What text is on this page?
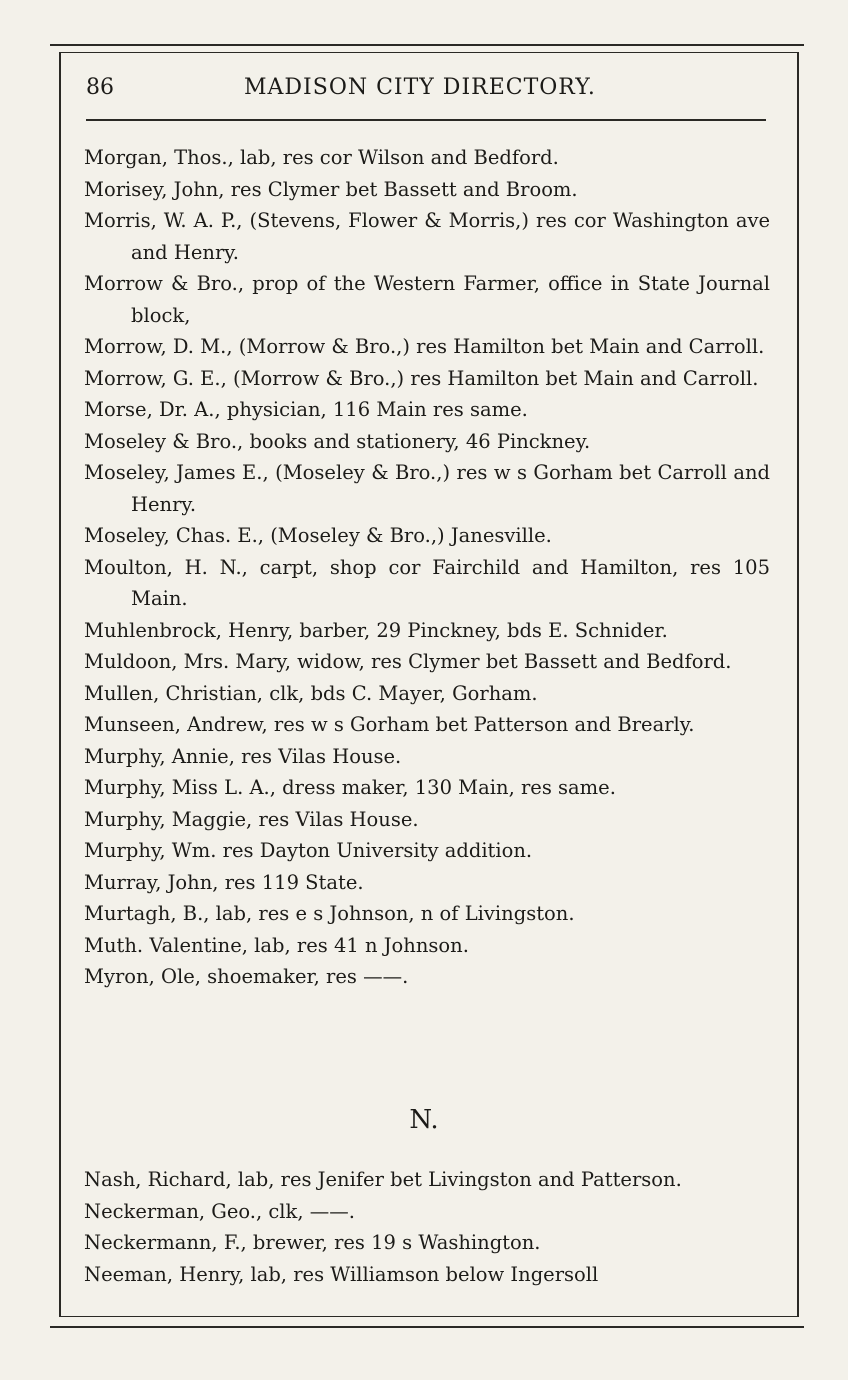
86	MADISON CITY DIRECTORY.

Morgan, Thos., lab, res cor Wilson and Bedford.

Morisey, John, res Clymer bet Bassett and Broom.

Morris, W. A. P., (Stevens, Flower & Morris,) res cor Washington ave and Henry.

Morrow & Bro., prop of the Western Farmer, office in State Journal block,

Morrow, D. M., (Morrow & Bro.,) res Hamilton bet Main and Carroll.

Morrow, G. E., (Morrow & Bro.,) res Hamilton bet Main and Carroll.

Morse, Dr. A., physician, 116 Main res same.

Moseley & Bro., books and stationery, 46 Pinckney.

Moseley, James E., (Moseley & Bro.,) res w s Gorham bet Carroll and Henry.

Moseley, Chas. E., (Moseley & Bro.,) Janesville.

Moulton, H. N., carpt, shop cor Fairchild and Hamilton, res 105 Main.

Muhlenbrock, Henry, barber, 29 Pinckney, bds E. Schnider.

Muldoon, Mrs. Mary, widow, res Clymer bet Bassett and Bedford.

Mullen, Christian, clk, bds C. Mayer, Gorham.

Munseen, Andrew, res w s Gorham bet Patterson and Brearly.

Murphy, Annie, res Vilas House.

Murphy, Miss L. A., dress maker, 130 Main, res same.

Murphy, Maggie, res Vilas House.

Murphy, Wm. res Dayton University addition.

Murray, John, res 119 State.

Murtagh, B., lab, res e s Johnson, n of Livingston.

Muth. Valentine, lab, res 41 n Johnson.

Myron, Ole, shoemaker, res ——.

N.

Nash, Richard, lab, res Jenifer bet Livingston and Patterson.

Neckerman, Geo., clk, ——.

Neckermann, F., brewer, res 19 s Washington.

Neeman, Henry, lab, res Williamson below Ingersoll
